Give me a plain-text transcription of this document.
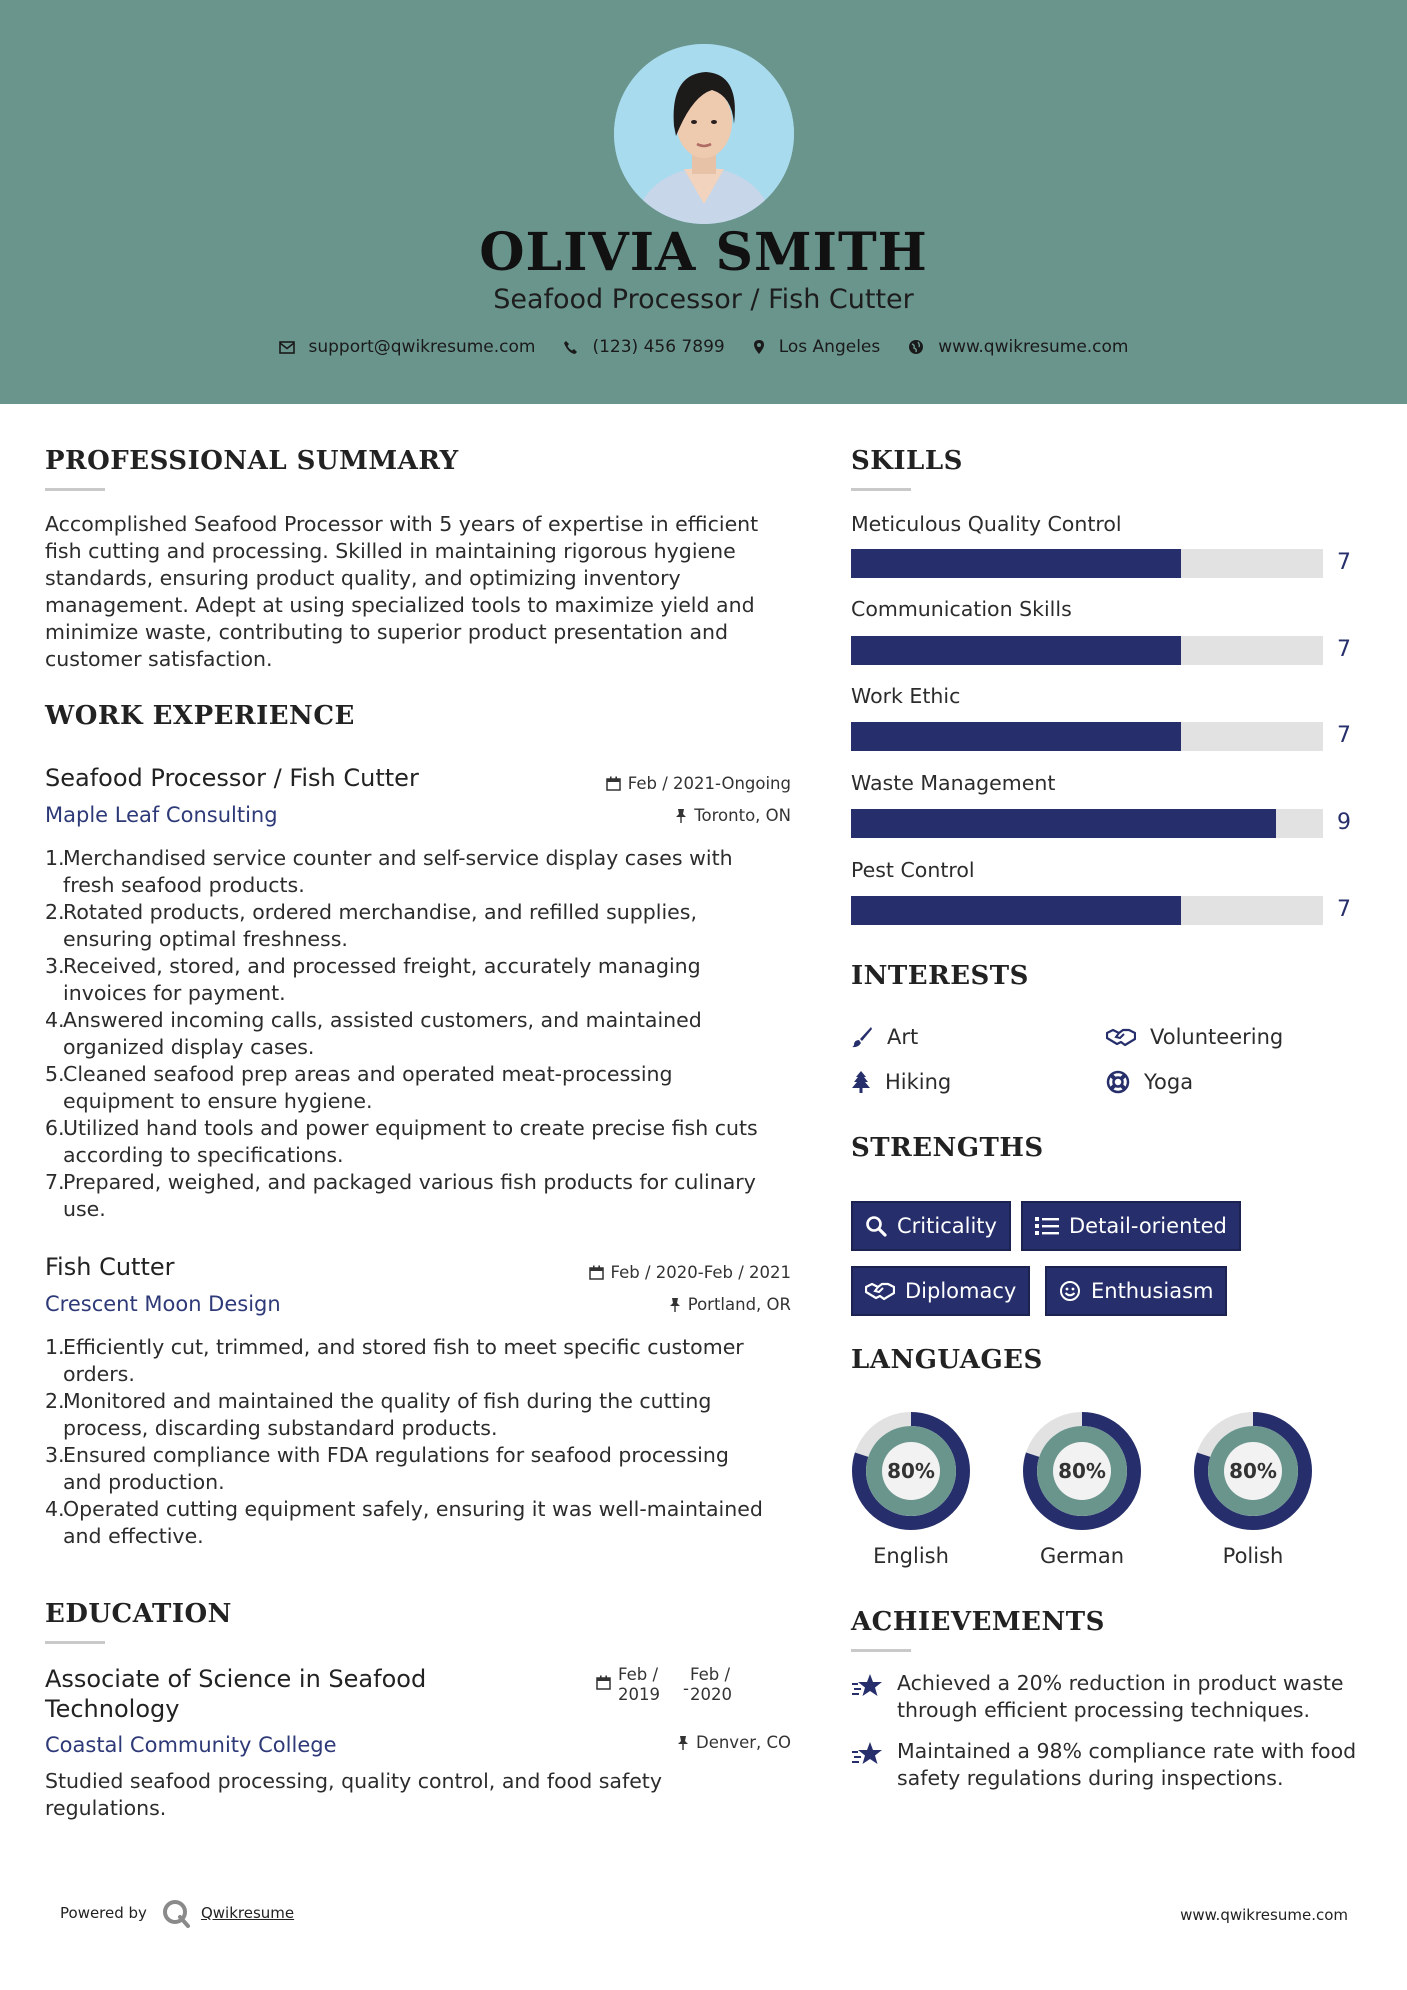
OLIVIA SMITH
Seafood Processor / Fish Cutter
support@qwikresume.com	(123) 456 7899	Los Angeles	www.qwikresume.com
PROFESSIONAL SUMMARY
Accomplished Seafood Processor with 5 years of expertise in efficient
fish cutting and processing. Skilled in maintaining rigorous hygiene
standards, ensuring product quality, and optimizing inventory
management. Adept at using specialized tools to maximize yield and
minimize waste, contributing to superior product presentation and
customer satisfaction.
WORK EXPERIENCE
Seafood Processor / Fish Cutter
Maple Leaf Consulting
Feb / 2021-Ongoing
Toronto, ON
1.
Merchandised service counter and self-service display cases with
fresh seafood products.
2.
Rotated products, ordered merchandise, and refilled supplies,
ensuring optimal freshness.
3.
Received, stored, and processed freight, accurately managing
invoices for payment.
4.
Answered incoming calls, assisted customers, and maintained
organized display cases.
5.
Cleaned seafood prep areas and operated meat-processing
equipment to ensure hygiene.
6.
Utilized hand tools and power equipment to create precise fish cuts
according to specifications.
7.
Prepared, weighed, and packaged various fish products for culinary
use.
Fish Cutter
Crescent Moon Design
Feb / 2020-Feb / 2021
Portland, OR
1.
Efficiently cut, trimmed, and stored fish to meet specific customer
orders.
2.
Monitored and maintained the quality of fish during the cutting
process, discarding substandard products.
3.
Ensured compliance with FDA regulations for seafood processing
and production.
4.
Operated cutting equipment safely, ensuring it was well-maintained
and effective.
EDUCATION
Associate of Science in Seafood
Technology
Feb /
2019 -
Feb /
2020
Coastal Community College	Denver, CO
Studied seafood processing, quality control, and food safety
regulations.
SKILLS
Meticulous Quality Control
7
Communication Skills
7
Work Ethic
7
Waste Management
9
Pest Control
7
INTERESTS
Art	Volunteering
Hiking	Yoga
STRENGTHS
Criticality	Detail-oriented
Diplomacy	Enthusiasm
LANGUAGES
80%
English
80%
German
80%
Polish
ACHIEVEMENTS
Achieved a 20% reduction in product waste
through efficient processing techniques.
Maintained a 98% compliance rate with food
safety regulations during inspections.
Powered by	Qwikresume	www.qwikresume.com
